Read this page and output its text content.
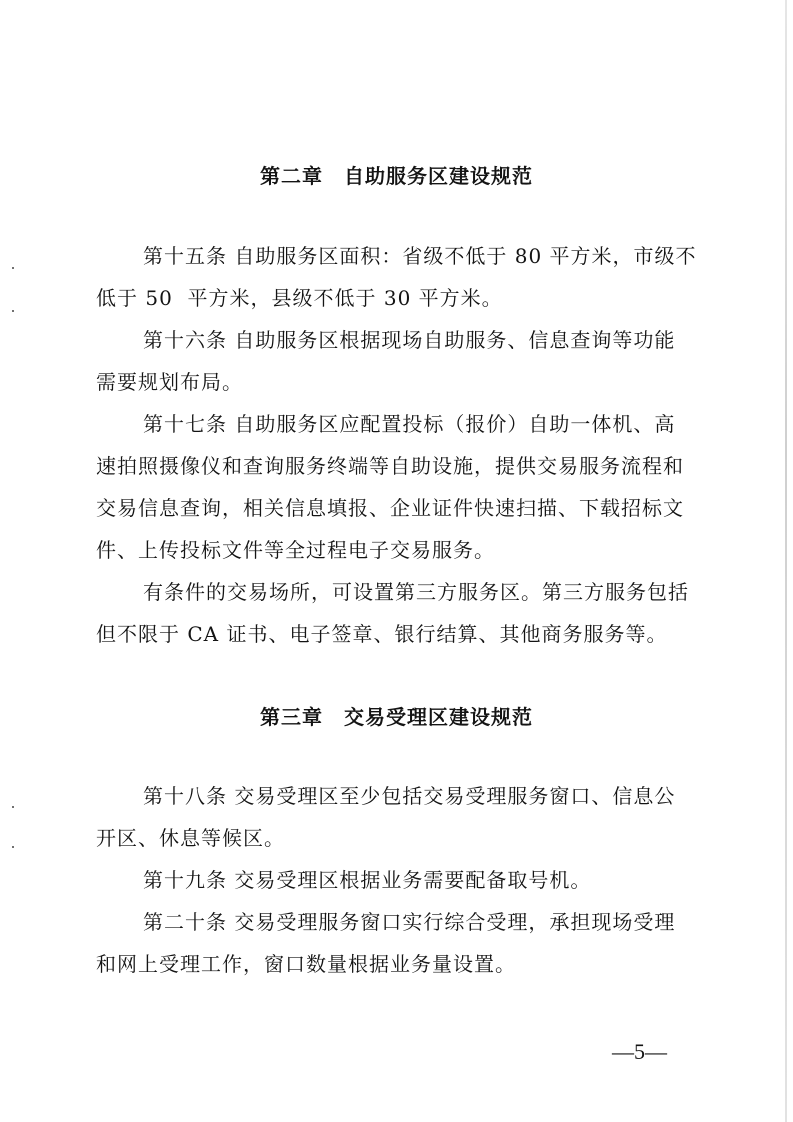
第二章　自助服务区建设规范

第十五条 自助服务区面积：省级不低于 80 平方米，市级不

低于 50  平方米，县级不低于 30 平方米。

第十六条 自助服务区根据现场自助服务、信息查询等功能

需要规划布局。

第十七条 自助服务区应配置投标（报价）自助一体机、高

速拍照摄像仪和查询服务终端等自助设施，提供交易服务流程和

交易信息查询，相关信息填报、企业证件快速扫描、下载招标文

件、上传投标文件等全过程电子交易服务。

有条件的交易场所，可设置第三方服务区。第三方服务包括

但不限于 CA 证书、电子签章、银行结算、其他商务服务等。

第三章　交易受理区建设规范

第十八条 交易受理区至少包括交易受理服务窗口、信息公

开区、休息等候区。

第十九条 交易受理区根据业务需要配备取号机。

第二十条 交易受理服务窗口实行综合受理，承担现场受理

和网上受理工作，窗口数量根据业务量设置。

—5—
